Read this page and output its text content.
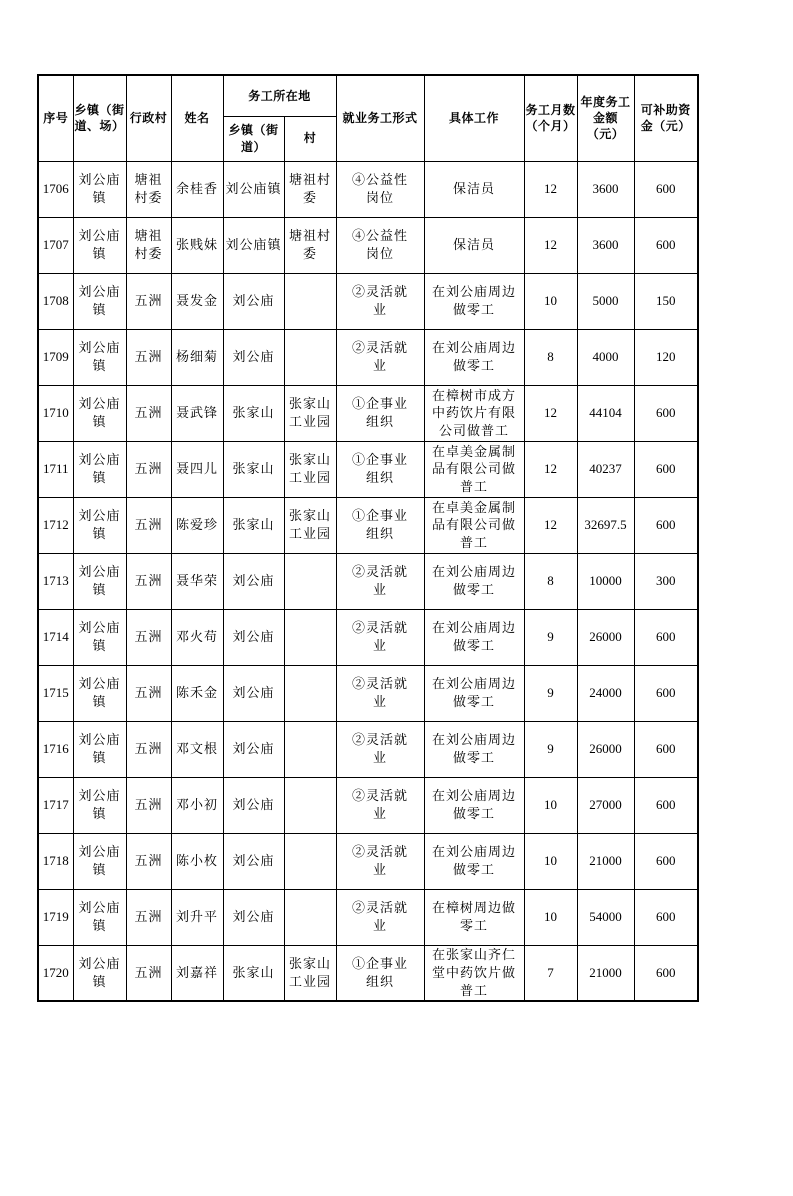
序号	乡镇（街道、场）	行政村	姓名	务工所在地		就业务工形式	具体工作	务工月数（个月）	年度务工金额（元）	可补助资金（元）
				乡镇（街道）	村					
1706	刘公庙镇	塘祖村委	余桂香	刘公庙镇	塘祖村委	④公益性岗位	保洁员	12	3600	600
1707	刘公庙镇	塘祖村委	张贱妹	刘公庙镇	塘祖村委	④公益性岗位	保洁员	12	3600	600
1708	刘公庙镇	五洲	聂发金	刘公庙		②灵活就业	在刘公庙周边做零工	10	5000	150
1709	刘公庙镇	五洲	杨细菊	刘公庙		②灵活就业	在刘公庙周边做零工	8	4000	120
1710	刘公庙镇	五洲	聂武锋	张家山	张家山工业园	①企事业组织	在樟树市成方中药饮片有限公司做普工	12	44104	600
1711	刘公庙镇	五洲	聂四儿	张家山	张家山工业园	①企事业组织	在卓美金属制品有限公司做普工	12	40237	600
1712	刘公庙镇	五洲	陈爱珍	张家山	张家山工业园	①企事业组织	在卓美金属制品有限公司做普工	12	32697.5	600
1713	刘公庙镇	五洲	聂华荣	刘公庙		②灵活就业	在刘公庙周边做零工	8	10000	300
1714	刘公庙镇	五洲	邓火苟	刘公庙		②灵活就业	在刘公庙周边做零工	9	26000	600
1715	刘公庙镇	五洲	陈禾金	刘公庙		②灵活就业	在刘公庙周边做零工	9	24000	600
1716	刘公庙镇	五洲	邓文根	刘公庙		②灵活就业	在刘公庙周边做零工	9	26000	600
1717	刘公庙镇	五洲	邓小初	刘公庙		②灵活就业	在刘公庙周边做零工	10	27000	600
1718	刘公庙镇	五洲	陈小枚	刘公庙		②灵活就业	在刘公庙周边做零工	10	21000	600
1719	刘公庙镇	五洲	刘升平	刘公庙		②灵活就业	在樟树周边做零工	10	54000	600
1720	刘公庙镇	五洲	刘嘉祥	张家山	张家山工业园	①企事业组织	在张家山齐仁堂中药饮片做普工	7	21000	600
